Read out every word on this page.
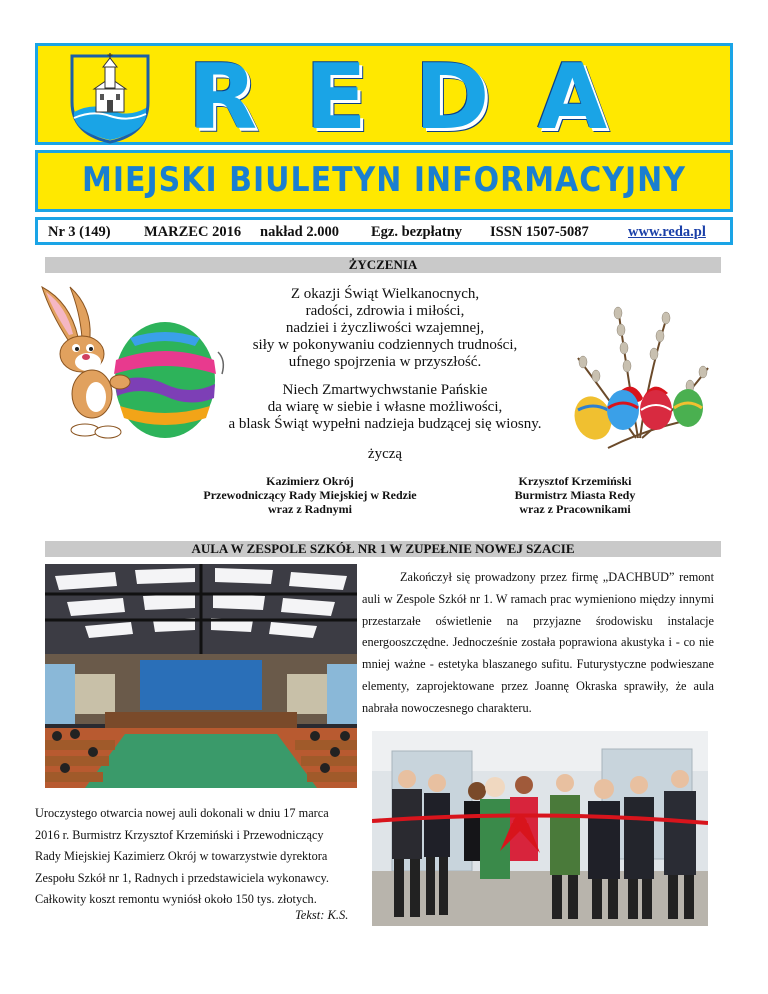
REDA
MIEJSKI BIULETYN INFORMACYJNY
Nr 3 (149) MARZEC 2016 nakład 2.000 Egz. bezpłatny ISSN 1507-5087	www.reda.pl
ŻYCZENIA
Z okazji Świąt Wielkanocnych,
radości, zdrowia i miłości,
nadziei i życzliwości wzajemnej,
siły w pokonywaniu codziennych trudności,
ufnego spojrzenia w przyszłość.
Niech Zmartwychwstanie Pańskie
da wiarę w siebie i własne możliwości,
a blask Świąt wypełni nadzieja budzącej się wiosny.
życzą
Kazimierz Okrój
Przewodniczący Rady Miejskiej w Redzie
wraz z Radnymi
Krzysztof Krzemiński
Burmistrz Miasta Redy
wraz z Pracownikami
AULA W ZESPOLE SZKÓŁ NR 1 W ZUPEŁNIE NOWEJ SZACIE

Zakończył się prowadzony przez firmę „DACHBUD” remont auli w Zespole Szkół nr 1. W ramach prac wymieniono między innymi przestarzałe oświetlenie na przyjazne środowisku instalacje energooszczędne. Jednocześnie została poprawiona akustyka i - co nie mniej ważne - estetyka blaszanego sufitu. Futurystyczne podwieszane elementy, zaprojektowane przez Joannę Okraska sprawiły, że aula nabrała nowoczesnego charakteru.

Uroczystego otwarcia nowej auli dokonali w dniu 17 marca
2016 r. Burmistrz Krzysztof Krzemiński i Przewodniczący
Rady Miejskiej Kazimierz Okrój w towarzystwie dyrektora
Zespołu Szkół nr 1, Radnych i przedstawiciela wykonawcy.
Całkowity koszt remontu wyniósł około 150 tys. złotych.
Tekst: K.S.
